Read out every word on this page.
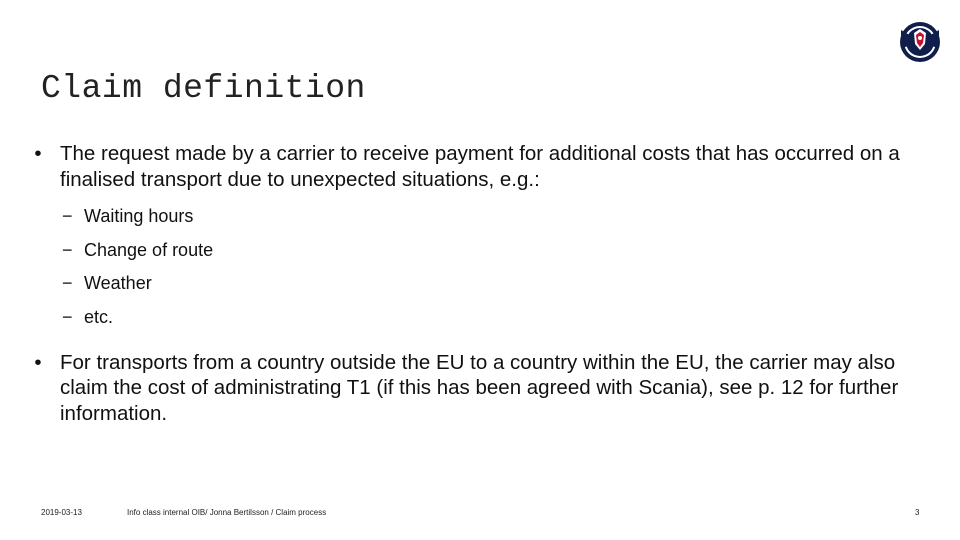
Claim definition
• The request made by a carrier to receive payment for additional costs that has occurred on a finalised transport due to unexpected situations, e.g.:
− Waiting hours
− Change of route
− Weather
− etc.
• For transports from a country outside the EU to a country within the EU, the carrier may also claim the cost of administrating T1 (if this has been agreed with Scania), see p. 12 for further information.
2019-03-13	Info class internal OIB/ Jonna Bertilsson / Claim process	3
